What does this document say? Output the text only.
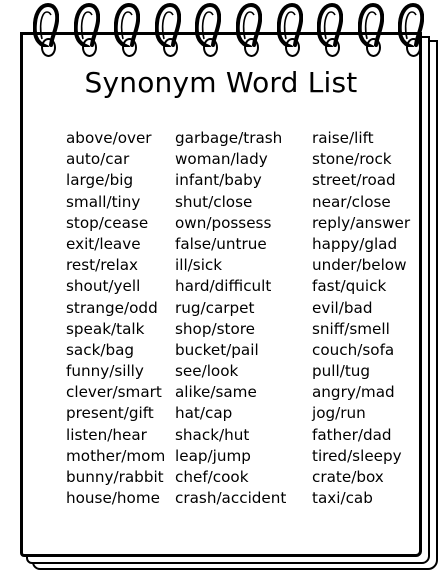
Synonym Word List
above/over
auto/car
large/big
small/tiny
stop/cease
exit/leave
rest/relax
shout/yell
strange/odd
speak/talk
sack/bag
funny/silly
clever/smart
present/gift
listen/hear
mother/mom
bunny/rabbit
house/home
garbage/trash
woman/lady
infant/baby
shut/close
own/possess
false/untrue
ill/sick
hard/difficult
rug/carpet
shop/store
bucket/pail
see/look
alike/same
hat/cap
shack/hut
leap/jump
chef/cook
crash/accident
raise/lift
stone/rock
street/road
near/close
reply/answer
happy/glad
under/below
fast/quick
evil/bad
sniff/smell
couch/sofa
pull/tug
angry/mad
jog/run
father/dad
tired/sleepy
crate/box
taxi/cab
